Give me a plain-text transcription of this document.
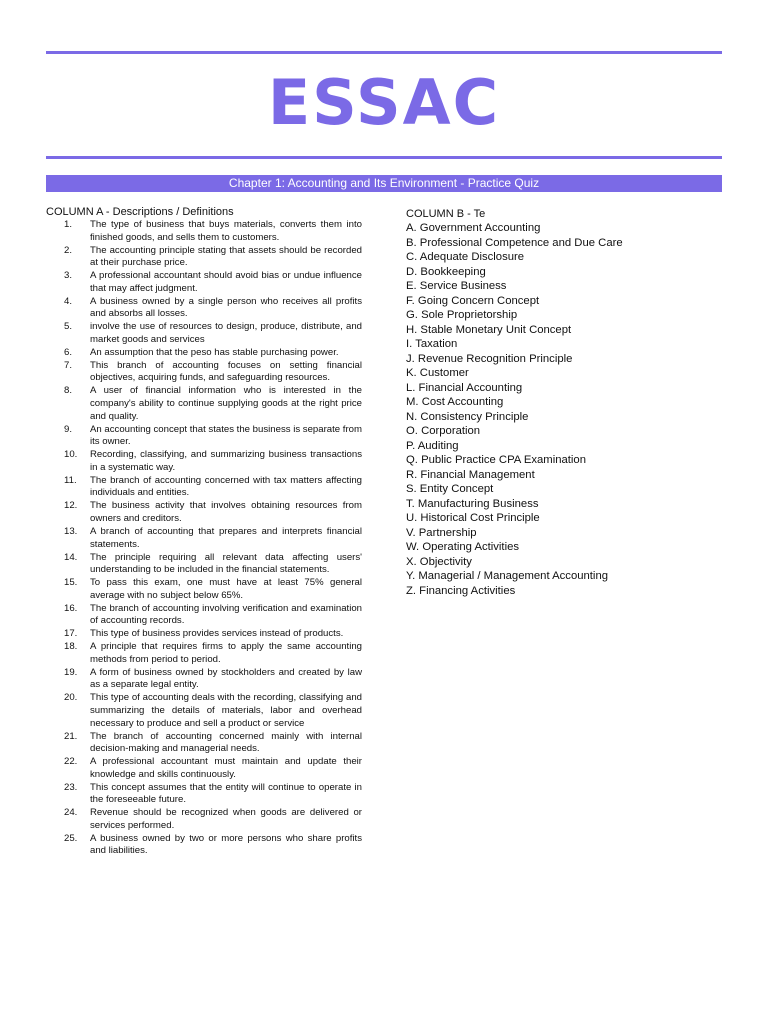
ESSAC
Chapter 1: Accounting and Its Environment - Practice Quiz
COLUMN A - Descriptions / Definitions
1.	The type of business that buys materials, converts them into finished goods, and sells them to customers.
2.	The accounting principle stating that assets should be recorded at their purchase price.
3.	A professional accountant should avoid bias or undue influence that may affect judgment.
4.	A business owned by a single person who receives all profits and absorbs all losses.
5.	involve the use of resources to design, produce, distribute, and market goods and services
6.	An assumption that the peso has stable purchasing power.
7.	This branch of accounting focuses on setting financial objectives, acquiring funds, and safeguarding resources.
8.	A user of financial information who is interested in the company's ability to continue supplying goods at the right price and quality.
9.	An accounting concept that states the business is separate from its owner.
10.	Recording, classifying, and summarizing business transactions in a systematic way.
11.	The branch of accounting concerned with tax matters affecting individuals and entities.
12.	The business activity that involves obtaining resources from owners and creditors.
13.	A branch of accounting that prepares and interprets financial statements.
14.	The principle requiring all relevant data affecting users' understanding to be included in the financial statements.
15.	To pass this exam, one must have at least 75% general average with no subject below 65%.
16.	The branch of accounting involving verification and examination of accounting records.
17.	This type of business provides services instead of products.
18.	A principle that requires firms to apply the same accounting methods from period to period.
19.	A form of business owned by stockholders and created by law as a separate legal entity.
20.	This type of accounting deals with the recording, classifying and summarizing the details of materials, labor and overhead necessary to produce and sell a product or service
21.	The branch of accounting concerned mainly with internal decision-making and managerial needs.
22.	A professional accountant must maintain and update their knowledge and skills continuously.
23.	This concept assumes that the entity will continue to operate in the foreseeable future.
24.	Revenue should be recognized when goods are delivered or services performed.
25.	A business owned by two or more persons who share profits and liabilities.
COLUMN B - Te
A. Government Accounting
B. Professional Competence and Due Care
C. Adequate Disclosure
D. Bookkeeping
E. Service Business
F. Going Concern Concept
G. Sole Proprietorship
H. Stable Monetary Unit Concept
I. Taxation
J. Revenue Recognition Principle
K. Customer
L. Financial Accounting
M. Cost Accounting
N. Consistency Principle
O. Corporation
P. Auditing
Q. Public Practice CPA Examination
R. Financial Management
S. Entity Concept
T. Manufacturing Business
U. Historical Cost Principle
V. Partnership
W. Operating Activities
X. Objectivity
Y. Managerial / Management Accounting
Z. Financing Activities
